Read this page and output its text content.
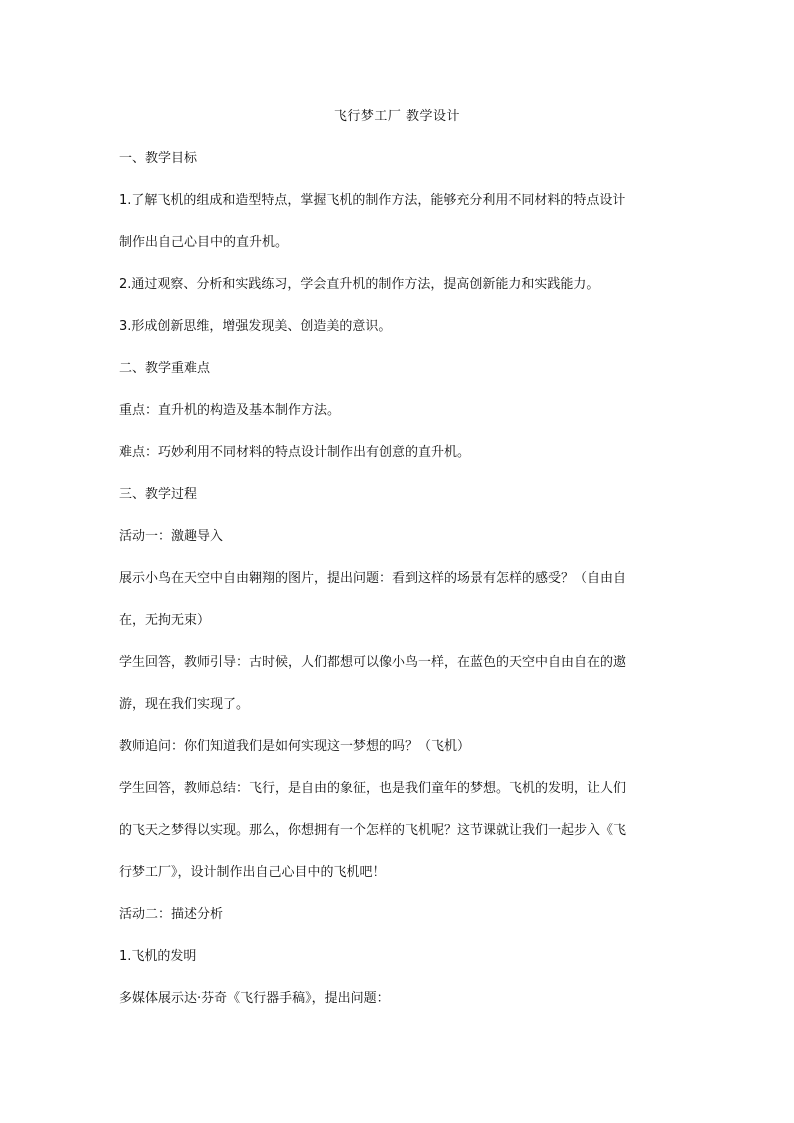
飞行梦工厂 教学设计
一、教学目标
1.了解飞机的组成和造型特点，掌握飞机的制作方法，能够充分利用不同材料的特点设计
制作出自己心目中的直升机。
2.通过观察、分析和实践练习，学会直升机的制作方法，提高创新能力和实践能力。
3.形成创新思维，增强发现美、创造美的意识。
二、教学重难点
重点：直升机的构造及基本制作方法。
难点：巧妙利用不同材料的特点设计制作出有创意的直升机。
三、教学过程
活动一：激趣导入
展示小鸟在天空中自由翱翔的图片，提出问题：看到这样的场景有怎样的感受？（自由自
在，无拘无束）
学生回答，教师引导：古时候，人们都想可以像小鸟一样，在蓝色的天空中自由自在的遨
游，现在我们实现了。
教师追问：你们知道我们是如何实现这一梦想的吗？（飞机）
学生回答，教师总结：飞行，是自由的象征，也是我们童年的梦想。飞机的发明，让人们
的飞天之梦得以实现。那么，你想拥有一个怎样的飞机呢？这节课就让我们一起步入《飞
行梦工厂》，设计制作出自己心目中的飞机吧！
活动二：描述分析
1.飞机的发明
多媒体展示达·芬奇《飞行器手稿》，提出问题：
